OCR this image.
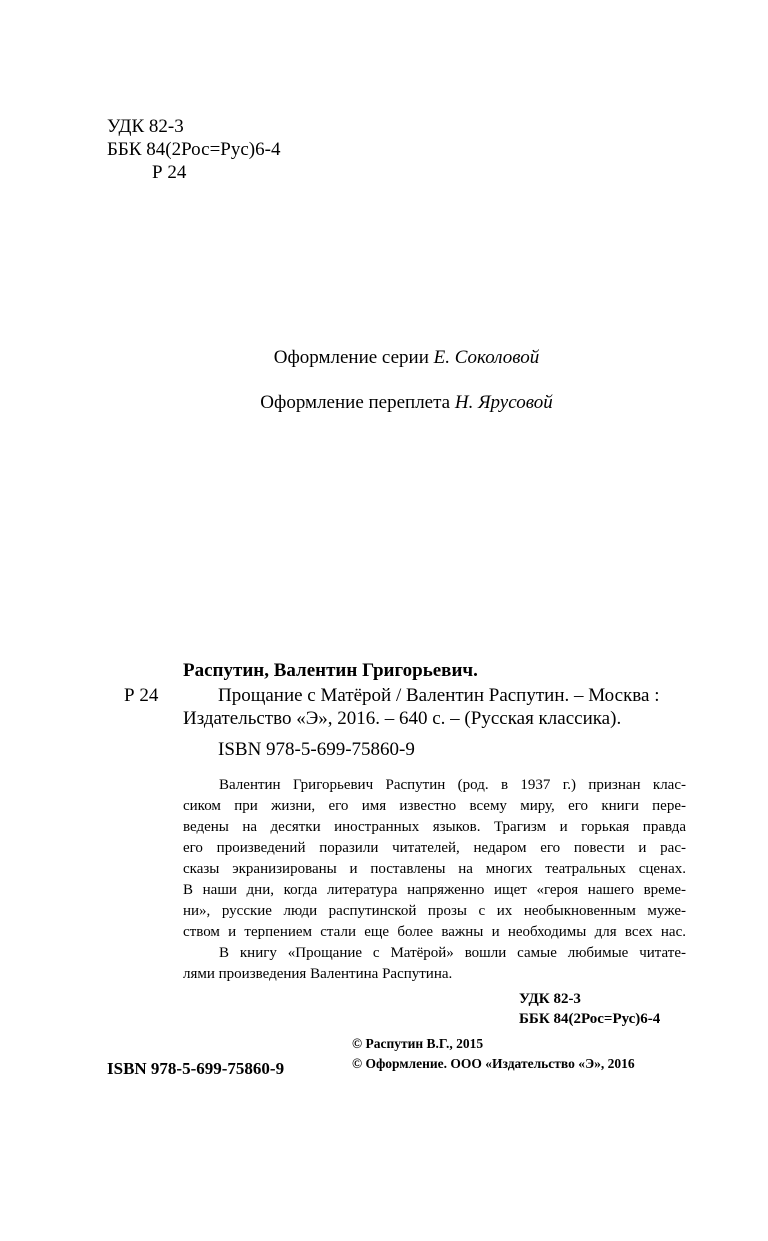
УДК 82-3
ББК 84(2Рос=Рус)6-4
Р 24
Оформление серии Е. Соколовой
Оформление переплета Н. Ярусовой
Распутин, Валентин Григорьевич.
Р 24	Прощание с Матёрой / Валентин Распутин. – Москва :
Издательство «Э», 2016. – 640 с. – (Русская классика).
ISBN 978-5-699-75860-9
Валентин Григорьевич Распутин (род. в 1937 г.) признан клас-
сиком при жизни, его имя известно всему миру, его книги пере-
ведены на десятки иностранных языков. Трагизм и горькая правда
его произведений поразили читателей, недаром его повести и рас-
сказы экранизированы и поставлены на многих театральных сценах.
В наши дни, когда литература напряженно ищет «героя нашего време-
ни», русские люди распутинской прозы с их необыкновенным муже-
ством и терпением стали еще более важны и необходимы для всех нас.
В книгу «Прощание с Матёрой» вошли самые любимые читате-
лями произведения Валентина Распутина.
УДК 82-3
ББК 84(2Рос=Рус)6-4
ISBN 978-5-699-75860-9
© Распутин В.Г., 2015
© Оформление. ООО «Издательство «Э», 2016
